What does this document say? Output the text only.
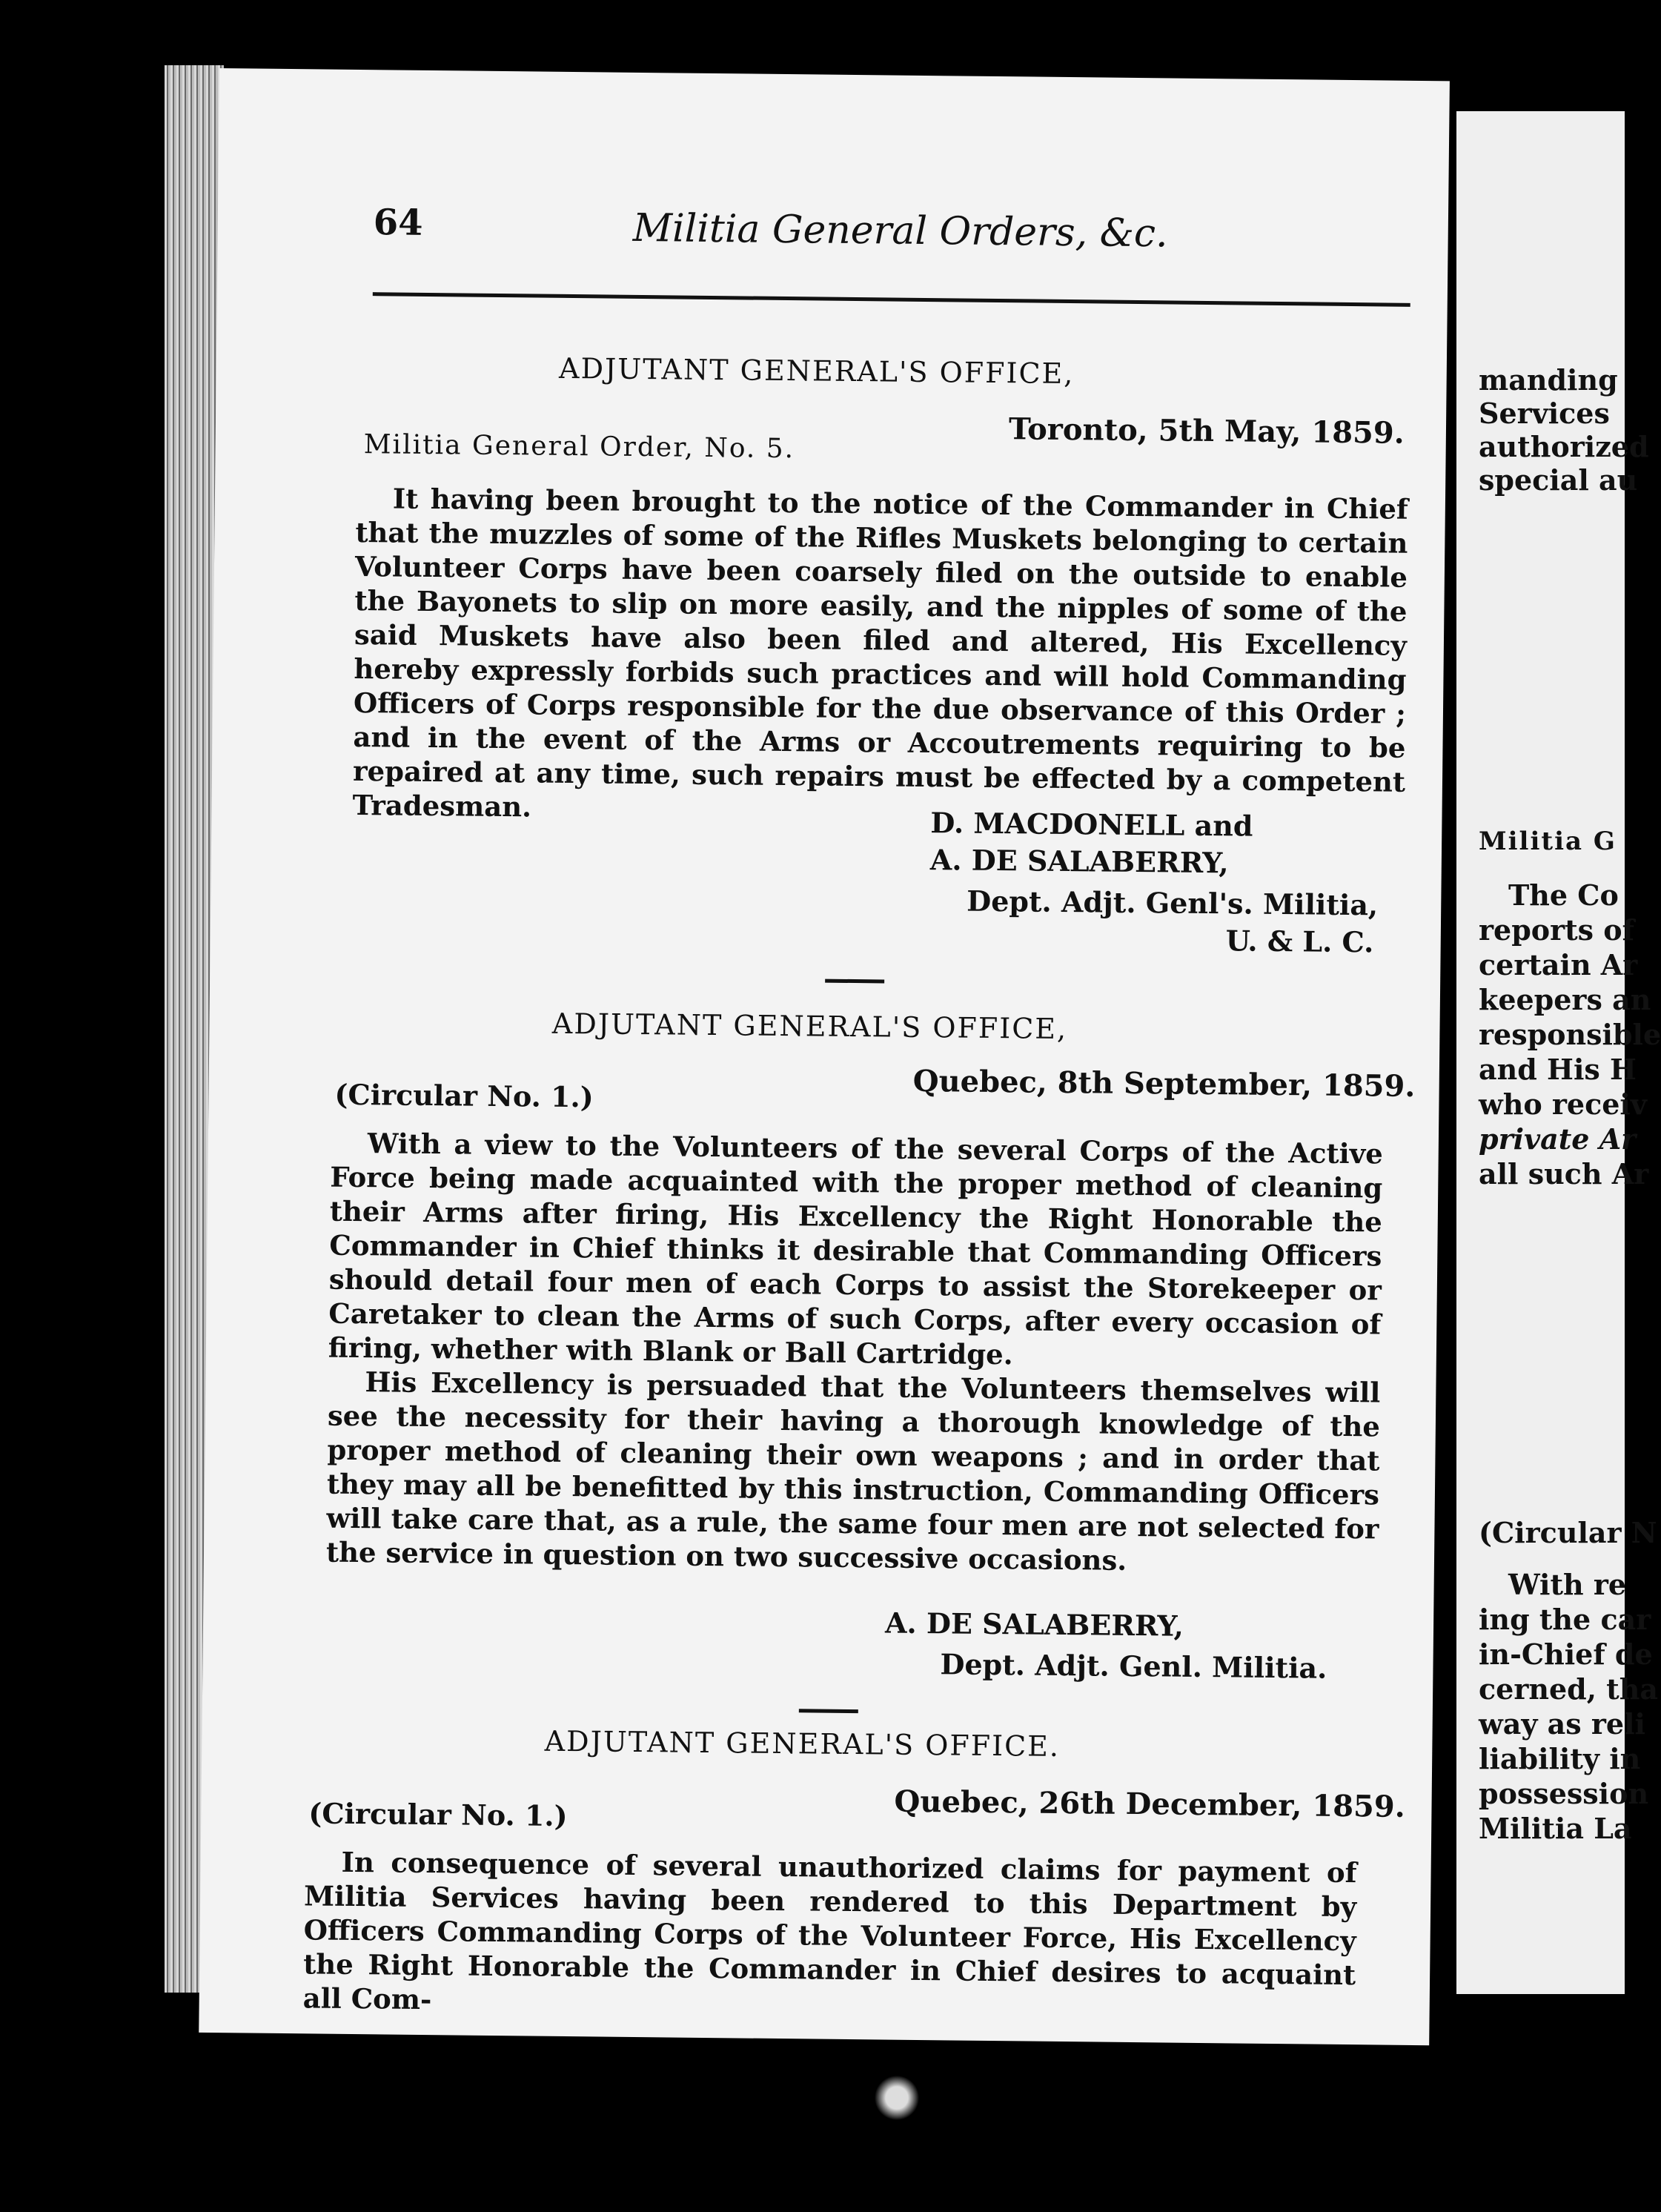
64	Militia General Orders, &c.
ADJUTANT GENERAL'S OFFICE,
Toronto, 5th May, 1859.
Militia General Order, No. 5.

It having been brought to the notice of the Commander in Chief that the muzzles of some of the Rifles Muskets belonging to certain Volunteer Corps have been coarsely filed on the outside to enable the Bayonets to slip on more easily, and the nipples of some of the said Muskets have also been filed and altered, His Excellency hereby expressly forbids such practices and will hold Commanding Officers of Corps responsible for the due observance of this Order ; and in the event of the Arms or Accoutrements requiring to be repaired at any time, such repairs must be effected by a competent Tradesman.	D. MACDONELL and
A. DE SALABERRY,
Dept. Adjt. Genl's. Militia,
U. & L. C.
ADJUTANT GENERAL'S OFFICE,
Quebec, 8th September, 1859.
(Circular No. 1.)

With a view to the Volunteers of the several Corps of the Active Force being made acquainted with the proper method of cleaning their Arms after firing, His Excellency the Right Honorable the Commander in Chief thinks it desirable that Commanding Officers should detail four men of each Corps to assist the Storekeeper or Caretaker to clean the Arms of such Corps, after every occasion of firing, whether with Blank or Ball Cartridge.

His Excellency is persuaded that the Volunteers themselves will see the necessity for their having a thorough knowledge of the proper method of cleaning their own weapons ; and in order that they may all be benefitted by this instruction, Commanding Officers will take care that, as a rule, the same four men are not selected for the service in question on two successive occasions.

A. DE SALABERRY,
Dept. Adjt. Genl. Militia.
ADJUTANT GENERAL'S OFFICE.
Quebec, 26th December, 1859.
(Circular No. 1.)

In consequence of several unauthorized claims for payment of Militia Services having been rendered to this Department by Officers Commanding Corps of the Volunteer Force, His Excellency the Right Honorable the Commander in Chief desires to acquaint all Com-

manding
Services
authorized
special au
Militia G
The Co
reports of
certain Ar
keepers an
responsible
and His H
who receiv
private Ar
all such Ar
(Circular N
With re
ing the car
in-Chief de
cerned, tha
way as reli
liability in
possession
Militia La
